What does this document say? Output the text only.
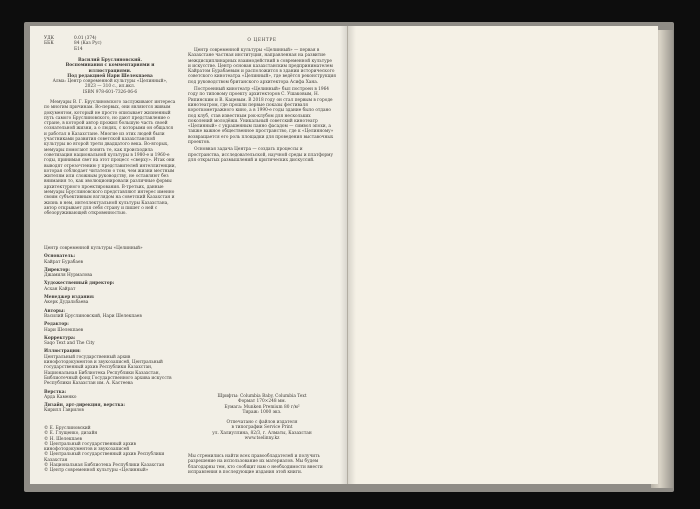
УДК	0.01 (374)
ББК	84 (Каз Рус)
Б14
Василий Бруслиновский.
Воспоминания с комментариями и иллюстрациями.
Под редакцией Нари Шелекпаева
Алма: Центр современной культуры «Целинный»,
2023 — 310 с., ил.вкл.
ISBN 978-601-7326-06-6

Мемуары В. Г. Бруслиновского заслуживают интереса по многим причинам. Во-первых, они являются живым документом, который не просто описывает жизненный путь самого Бруслиновского, но дают представление о стране, в которой автор прожил большую часть своей сознательной жизни, а о людях, с которыми он общался и работал в Казахстане. Многие из этих людей были участниками развития советской казахстанской культуры во второй трети двадцатого века. Во-вторых, мемуары помогают понять те, как происходила советизация национальной культуры в 1980-е и 1960-е годы, принимая свет на этот процесс «сверху». Итак они выводят отрезочтению у представителей интеллигенции, которая соблюдает читателю о том, чем жизни местным жителям или сложным руководству, не оставляют без внимания то, как эволюционировали различные формы архитектурного проектирования. В-третьих, данные мемуары Бруслиновского представляют интерес именно своим субъективным взглядом на советский Казахстан и жизнь в нем, интеллектуальной культуры Казахстана, автор открывает для себя страну и пишет о ней с обезоруживающей откровенностью.

Центр современной культуры «Целинный»
Основатель:
Кайрат Бурабаев
Директор:
Джамиля Нурмалова
Художественный директор:
Асхан Кайрат
Менеджер издания:
Акерк Дудальбаева
Авторы:
Василий Бруслиновский, Нари Шелекпаев
Редактор:
Нари Шелекпаев
Корректура:
Saqo Text and The City
Иллюстрации:
Центральный государственный архив кинофотодокументов и звукозаписей, Центральный государственный архив Республики Казахстан, Национальная Библиотека Республики Казахстан, Библиотечный фонд Государственного архива искусств Республики Казахстан им. А. Кастеева
Верстка:
Арда Каменко
Дизайн, арт-дирекция, верстка:
Кирилл Гаврилов
© Е. Бруслиновский
© Е. Глущенко, дизайн
© Н. Шелекпаев
© Центральный государственный архив кинофотодокументов и звукозаписей
© Центральный государственный архив Республики Казахстан
© Национальная Библиотека Республики Казахстан
© Центр современной культуры «Целинный»
О ЦЕНТРЕ

Центр современной культуры «Целинный» — первая в Казахстане частная институция, направленная на развитие междисциплинарных взаимодействий в современной культуре и искусстве. Центр основан казахстанским предпринимателем Кайратом Бурабаевым и расположится в здании исторического советского кинотеатра «Целинный», где ведётся реконструкция под руководством британского архитектора Асифа Хана.

Построенный кинотеатр «Целинный» был построен в 1964 году по типовому проекту архитекторов С. Ушаковым, Н. Рипинским и В. Кацевым. В 2018 году он стал первым в городе кинотеатром, где прошли первые показы фестиваля короткометражного кино, а в 1990-е годы здание было отдано под клуб, став известным рок-клубом для нескольких поколений молодёжи. Уникальный советский кинотеатр «Целинный» с украшенным панно фасадом — символ эпохи, а также важное общественное пространство, где к «Целинному» возвращается его роль площадки для проведения выставочных проектов.

Основная задача Центра — создать процессы и пространства, исследовательской, научной среды и платформу для открытых размышлений и критических дискуссий.

Шрифты: Columbia Baby, Columbia Text
Формат 170×248 мм.
Бумага: Munken Premium 80 г/м²
Тираж: 1000 экз.
Отпечатано с файлов издателя
в типографии Service Print
ул. Халиуллина, 82/3, г. Алматы, Казахстан
www.tselinny.kz
Мы стремились найти всех правообладателей и получить разрешение на использование их материалов. Мы будем благодарны тем, кто сообщит нам о необходимости внести исправления в последующие издания этой книги.
